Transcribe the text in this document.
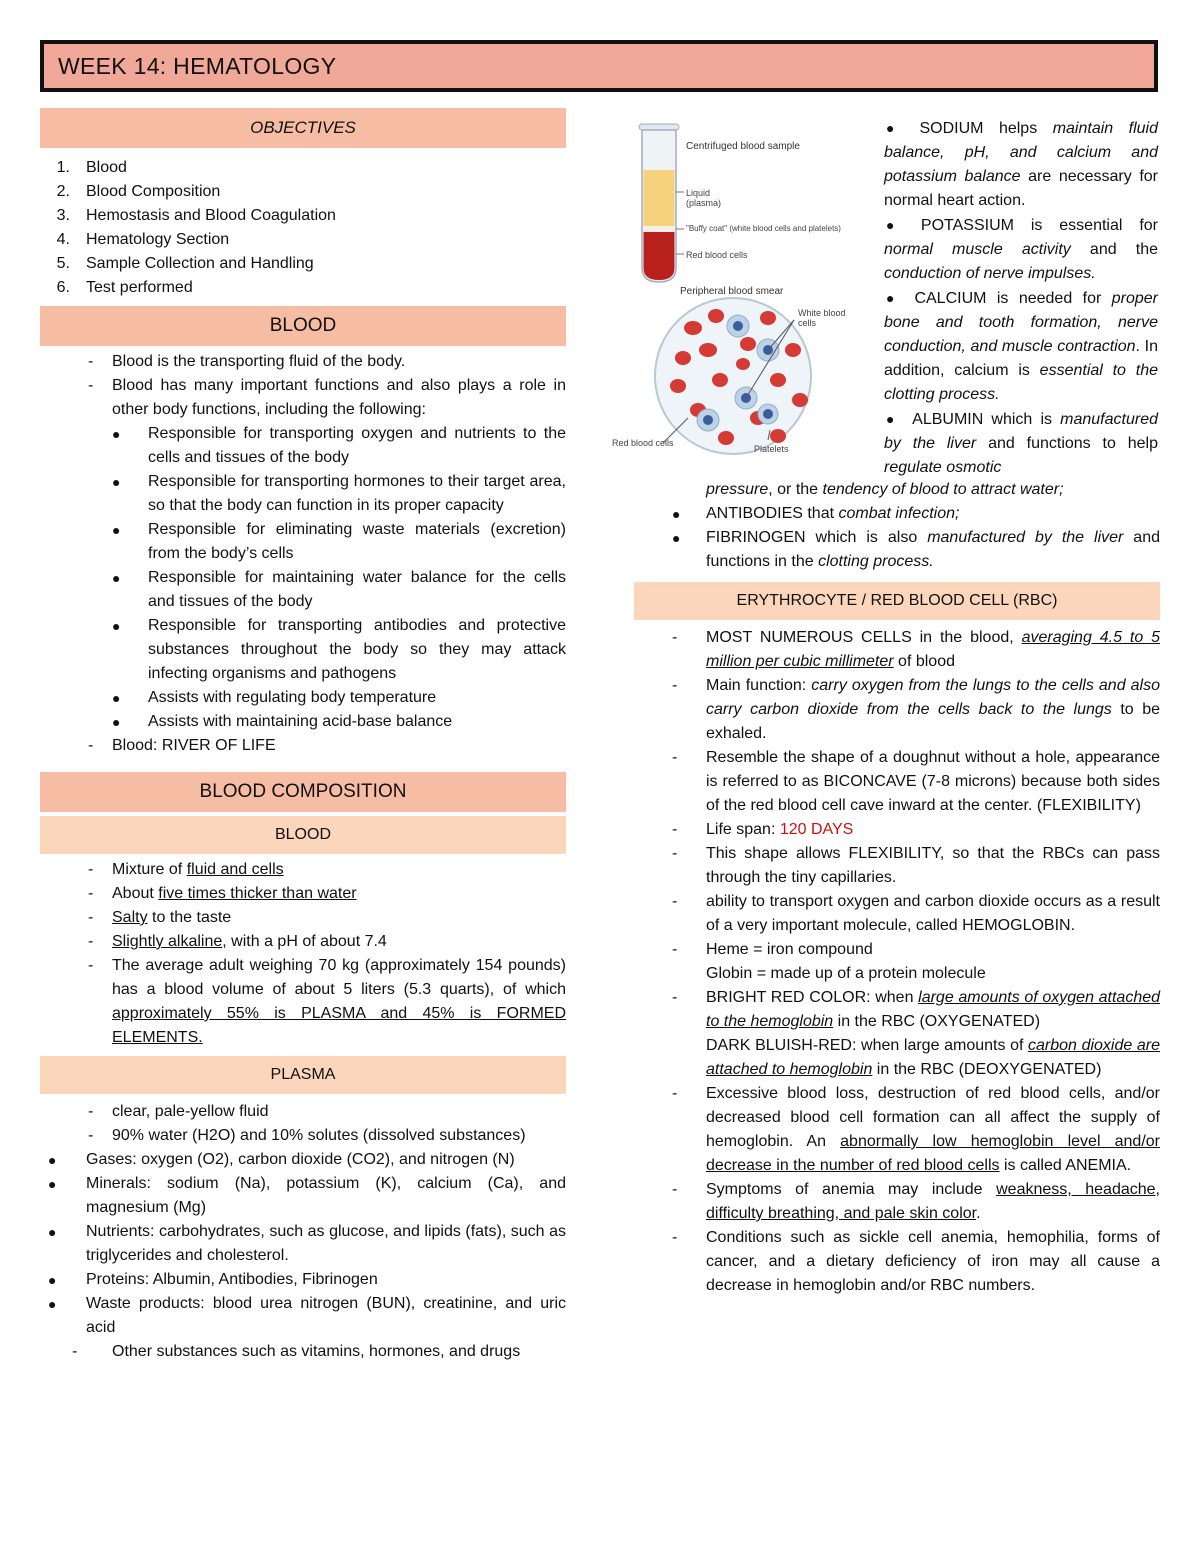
WEEK 14: HEMATOLOGY
OBJECTIVES
1.	Blood
2.	Blood Composition
3.	Hemostasis and Blood Coagulation
4.	Hematology Section
5.	Sample Collection and Handling
6.	Test performed
BLOOD
-	Blood is the transporting fluid of the body.
-	Blood has many important functions and also plays a role in other body functions, including the following:
●	Responsible for transporting oxygen and nutrients to the cells and tissues of the body
●	Responsible for transporting hormones to their target area, so that the body can function in its proper capacity
●	Responsible for eliminating waste materials (excretion) from the body’s cells
●	Responsible for maintaining water balance for the cells and tissues of the body
●	Responsible for transporting antibodies and protective substances throughout the body so they may attack infecting organisms and pathogens
●	Assists with regulating body temperature
●	Assists with maintaining acid-base balance
-	Blood: RIVER OF LIFE
BLOOD COMPOSITION
BLOOD
-	Mixture of fluid and cells
-	About five times thicker than water
-	Salty to the taste
-	Slightly alkaline, with a pH of about 7.4
-	The average adult weighing 70 kg (approximately 154 pounds) has a blood volume of about 5 liters (5.3 quarts), of which approximately 55% is PLASMA and 45% is FORMED ELEMENTS.
PLASMA
-	clear, pale-yellow fluid
-	90% water (H2O) and 10% solutes (dissolved substances)
●	Gases: oxygen (O2), carbon dioxide (CO2), and nitrogen (N)
●	Minerals: sodium (Na), potassium (K), calcium (Ca), and magnesium (Mg)
●	Nutrients: carbohydrates, such as glucose, and lipids (fats), such as triglycerides and cholesterol.
●	Proteins: Albumin, Antibodies, Fibrinogen
●	Waste products: blood urea nitrogen (BUN), creatinine, and uric acid
-	Other substances such as vitamins, hormones, and drugs
Centrifuged blood sample
Liquid
(plasma)
"Buffy coat" (white blood cells and platelets)
Red blood cells
Peripheral blood smear
White blood
cells
Red blood cells
Platelets
● SODIUM helps maintain fluid balance, pH, and calcium and potassium balance are necessary for normal heart action.
● POTASSIUM is essential for normal muscle activity and the conduction of nerve impulses.
● CALCIUM is needed for proper bone and tooth formation, nerve conduction, and muscle contraction. In addition, calcium is essential to the clotting process.
● ALBUMIN which is manufactured by the liver and functions to help regulate osmotic
pressure, or the tendency of blood to attract water;
●	ANTIBODIES that combat infection;
●	FIBRINOGEN which is also manufactured by the liver and functions in the clotting process.
ERYTHROCYTE / RED BLOOD CELL (RBC)
-	MOST NUMEROUS CELLS in the blood, averaging 4.5 to 5 million per cubic millimeter of blood
-	Main function: carry oxygen from the lungs to the cells and also carry carbon dioxide from the cells back to the lungs to be exhaled.
-	Resemble the shape of a doughnut without a hole, appearance is referred to as BICONCAVE (7-8 microns) because both sides of the red blood cell cave inward at the center. (FLEXIBILITY)
-	Life span: 120 DAYS
-	This shape allows FLEXIBILITY, so that the RBCs can pass through the tiny capillaries.
-	ability to transport oxygen and carbon dioxide occurs as a result of a very important molecule, called HEMOGLOBIN.
-	Heme = iron compound
Globin = made up of a protein molecule
-	BRIGHT RED COLOR: when large amounts of oxygen attached to the hemoglobin in the RBC (OXYGENATED)
DARK BLUISH-RED: when large amounts of carbon dioxide are attached to hemoglobin in the RBC (DEOXYGENATED)
-	Excessive blood loss, destruction of red blood cells, and/or decreased blood cell formation can all affect the supply of hemoglobin. An abnormally low hemoglobin level and/or decrease in the number of red blood cells is called ANEMIA.
-	Symptoms of anemia may include weakness, headache, difficulty breathing, and pale skin color.
-	Conditions such as sickle cell anemia, hemophilia, forms of cancer, and a dietary deficiency of iron may all cause a decrease in hemoglobin and/or RBC numbers.
